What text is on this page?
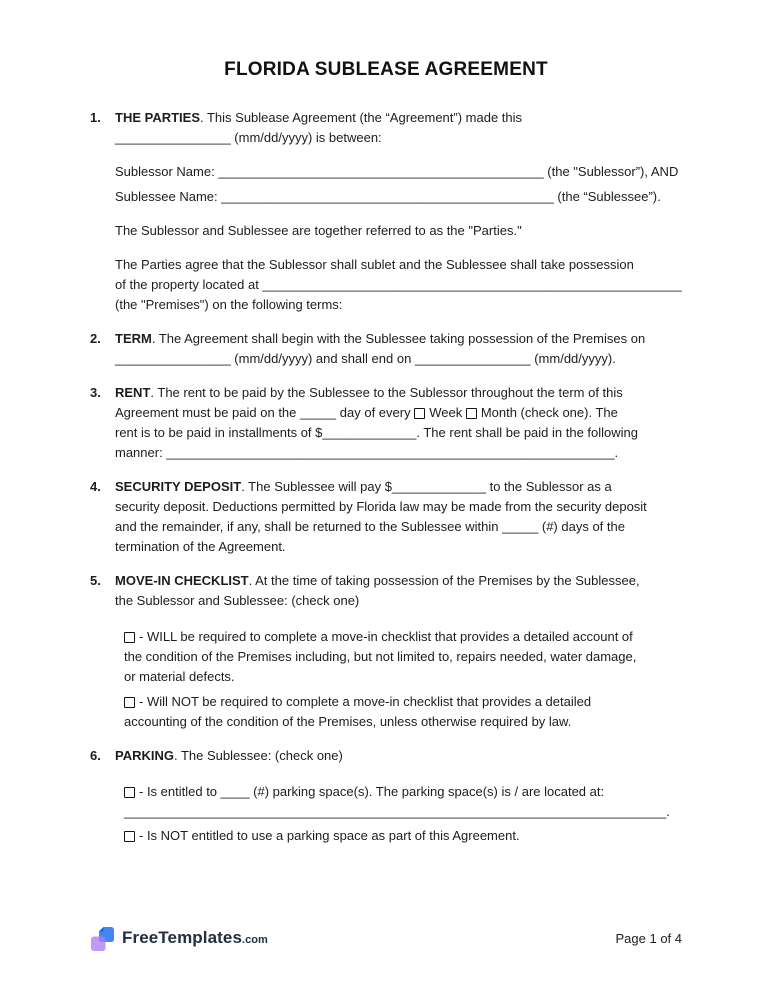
FLORIDA SUBLEASE AGREEMENT
1.	THE PARTIES. This Sublease Agreement (the “Agreement”) made this
________________ (mm/dd/yyyy) is between:
Sublessor Name: _____________________________________________ (the "Sublessor”), AND
Sublessee Name: ______________________________________________ (the “Sublessee”).
The Sublessor and Sublessee are together referred to as the "Parties."
The Parties agree that the Sublessor shall sublet and the Sublessee shall take possession
of the property located at __________________________________________________________
(the "Premises") on the following terms:
2.	TERM. The Agreement shall begin with the Sublessee taking possession of the Premises on
________________ (mm/dd/yyyy) and shall end on ________________ (mm/dd/yyyy).
3.	RENT. The rent to be paid by the Sublessee to the Sublessor throughout the term of this
Agreement must be paid on the _____ day of every Week Month (check one). The
rent is to be paid in installments of $_____________. The rent shall be paid in the following
manner: ______________________________________________________________.
4.	SECURITY DEPOSIT. The Sublessee will pay $_____________ to the Sublessor as a
security deposit. Deductions permitted by Florida law may be made from the security deposit
and the remainder, if any, shall be returned to the Sublessee within _____ (#) days of the
termination of the Agreement.
5.	MOVE-IN CHECKLIST. At the time of taking possession of the Premises by the Sublessee,
the Sublessor and Sublessee: (check one)
- WILL be required to complete a move-in checklist that provides a detailed account of
the condition of the Premises including, but not limited to, repairs needed, water damage,
or material defects.
- Will NOT be required to complete a move-in checklist that provides a detailed
accounting of the condition of the Premises, unless otherwise required by law.
6.	PARKING. The Sublessee: (check one)
- Is entitled to ____ (#) parking space(s). The parking space(s) is / are located at:
___________________________________________________________________________.
- Is NOT entitled to use a parking space as part of this Agreement.
FreeTemplates.com	Page 1 of 4
